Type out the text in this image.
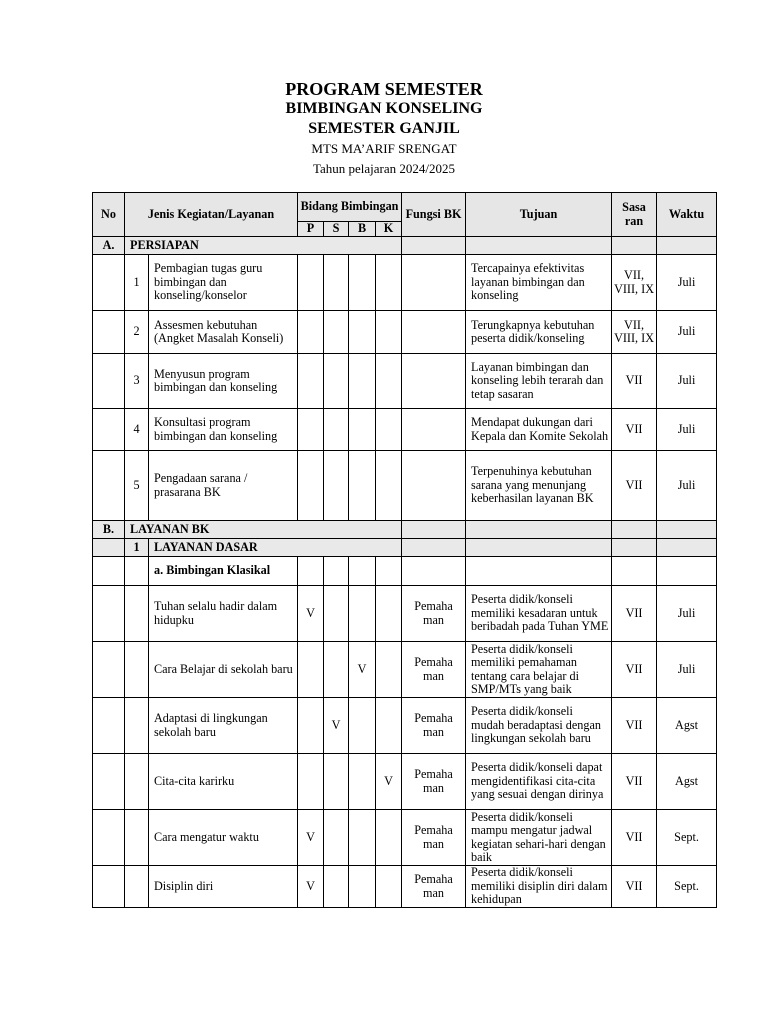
PROGRAM SEMESTER
BIMBINGAN KONSELING
SEMESTER GANJIL
MTS MA’ARIF SRENGAT
Tahun pelajaran 2024/2025
No	Jenis Kegiatan/Layanan		Bidang Bimbingan				Fungsi BK	Tujuan	Sasa ran	Waktu
			P	S	B	K				
A.	PERSIAPAN									
	1	Pembagian tugas guru bimbingan dan konseling/konselor						Tercapainya efektivitas layanan bimbingan dan konseling	VII, VIII, IX	Juli
	2	Assesmen kebutuhan (Angket Masalah Konseli)						Terungkapnya kebutuhan peserta didik/konseling	VII, VIII, IX	Juli
	3	Menyusun program bimbingan dan konseling						Layanan bimbingan dan konseling lebih terarah dan tetap sasaran	VII	Juli
	4	Konsultasi program bimbingan dan konseling						Mendapat dukungan dari Kepala dan Komite Sekolah	VII	Juli
	5	Pengadaan sarana / prasarana BK						Terpenuhinya kebutuhan sarana yang menunjang keberhasilan layanan BK	VII	Juli
B.	LAYANAN BK									
	1	LAYANAN DASAR								
		a. Bimbingan Klasikal								
		Tuhan selalu hadir dalam hidupku	V				Pemaha man	Peserta didik/konseli memiliki kesadaran untuk beribadah pada Tuhan YME	VII	Juli
		Cara Belajar di sekolah baru			V		Pemaha man	Peserta didik/konseli memiliki pemahaman tentang cara belajar di SMP/MTs yang baik	VII	Juli
		Adaptasi di lingkungan sekolah baru		V			Pemaha man	Peserta didik/konseli mudah beradaptasi dengan lingkungan sekolah baru	VII	Agst
		Cita-cita karirku				V	Pemaha man	Peserta didik/konseli dapat mengidentifikasi cita-cita yang sesuai dengan dirinya	VII	Agst
		Cara mengatur waktu	V				Pemaha man	Peserta didik/konseli mampu mengatur jadwal kegiatan sehari-hari dengan baik	VII	Sept.
		Disiplin diri	V				Pemaha man	Peserta didik/konseli memiliki disiplin diri dalam kehidupan	VII	Sept.
